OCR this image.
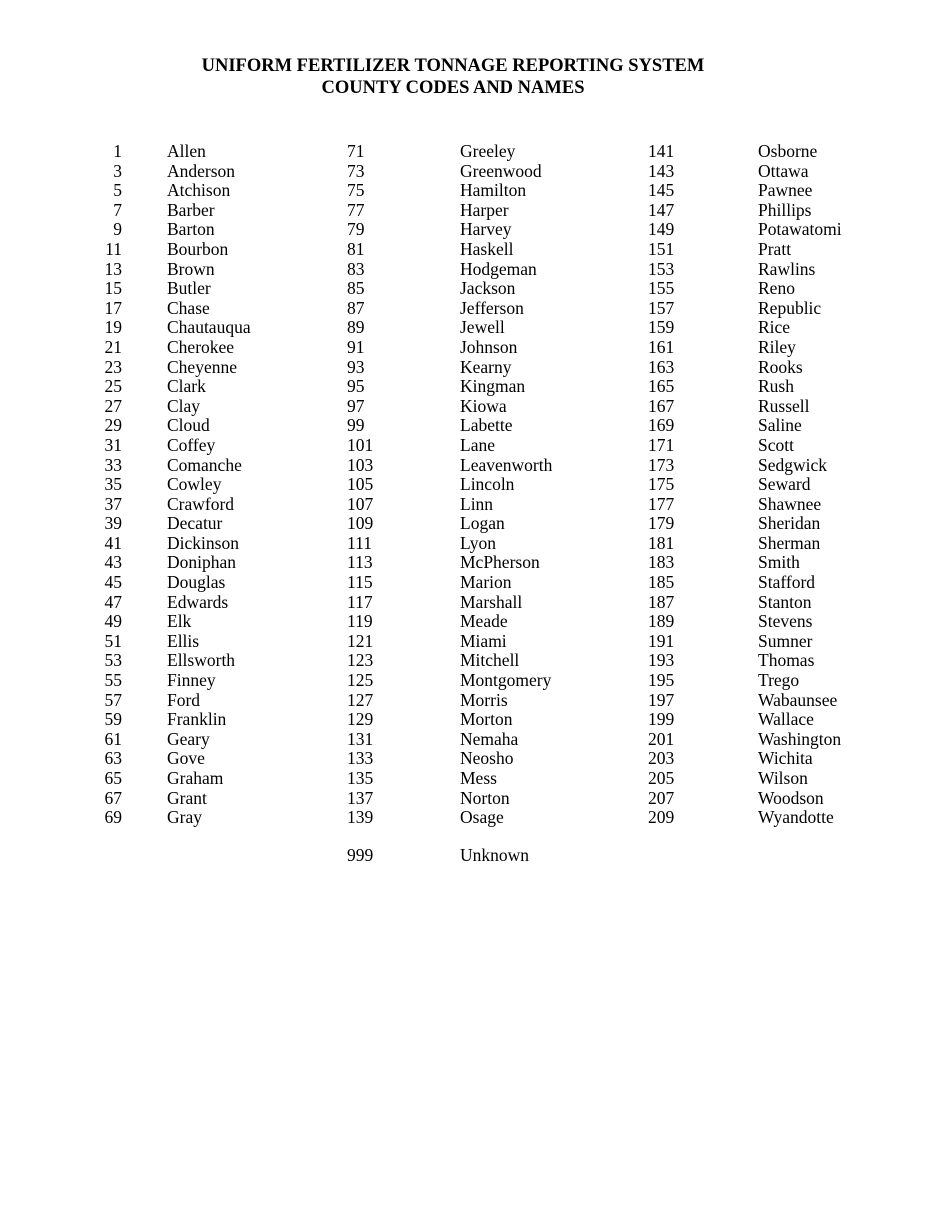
UNIFORM FERTILIZER TONNAGE REPORTING SYSTEM
COUNTY CODES AND NAMES
1
3
5
7
9
11
13
15
17
19
21
23
25
27
29
31
33
35
37
39
41
43
45
47
49
51
53
55
57
59
61
63
65
67
69
Allen
Anderson
Atchison
Barber
Barton
Bourbon
Brown
Butler
Chase
Chautauqua
Cherokee
Cheyenne
Clark
Clay
Cloud
Coffey
Comanche
Cowley
Crawford
Decatur
Dickinson
Doniphan
Douglas
Edwards
Elk
Ellis
Ellsworth
Finney
Ford
Franklin
Geary
Gove
Graham
Grant
Gray
71
73
75
77
79
81
83
85
87
89
91
93
95
97
99
101
103
105
107
109
111
113
115
117
119
121
123
125
127
129
131
133
135
137
139
Greeley
Greenwood
Hamilton
Harper
Harvey
Haskell
Hodgeman
Jackson
Jefferson
Jewell
Johnson
Kearny
Kingman
Kiowa
Labette
Lane
Leavenworth
Lincoln
Linn
Logan
Lyon
McPherson
Marion
Marshall
Meade
Miami
Mitchell
Montgomery
Morris
Morton
Nemaha
Neosho
Mess
Norton
Osage
141
143
145
147
149
151
153
155
157
159
161
163
165
167
169
171
173
175
177
179
181
183
185
187
189
191
193
195
197
199
201
203
205
207
209
Osborne
Ottawa
Pawnee
Phillips
Potawatomi
Pratt
Rawlins
Reno
Republic
Rice
Riley
Rooks
Rush
Russell
Saline
Scott
Sedgwick
Seward
Shawnee
Sheridan
Sherman
Smith
Stafford
Stanton
Stevens
Sumner
Thomas
Trego
Wabaunsee
Wallace
Washington
Wichita
Wilson
Woodson
Wyandotte
999	Unknown
